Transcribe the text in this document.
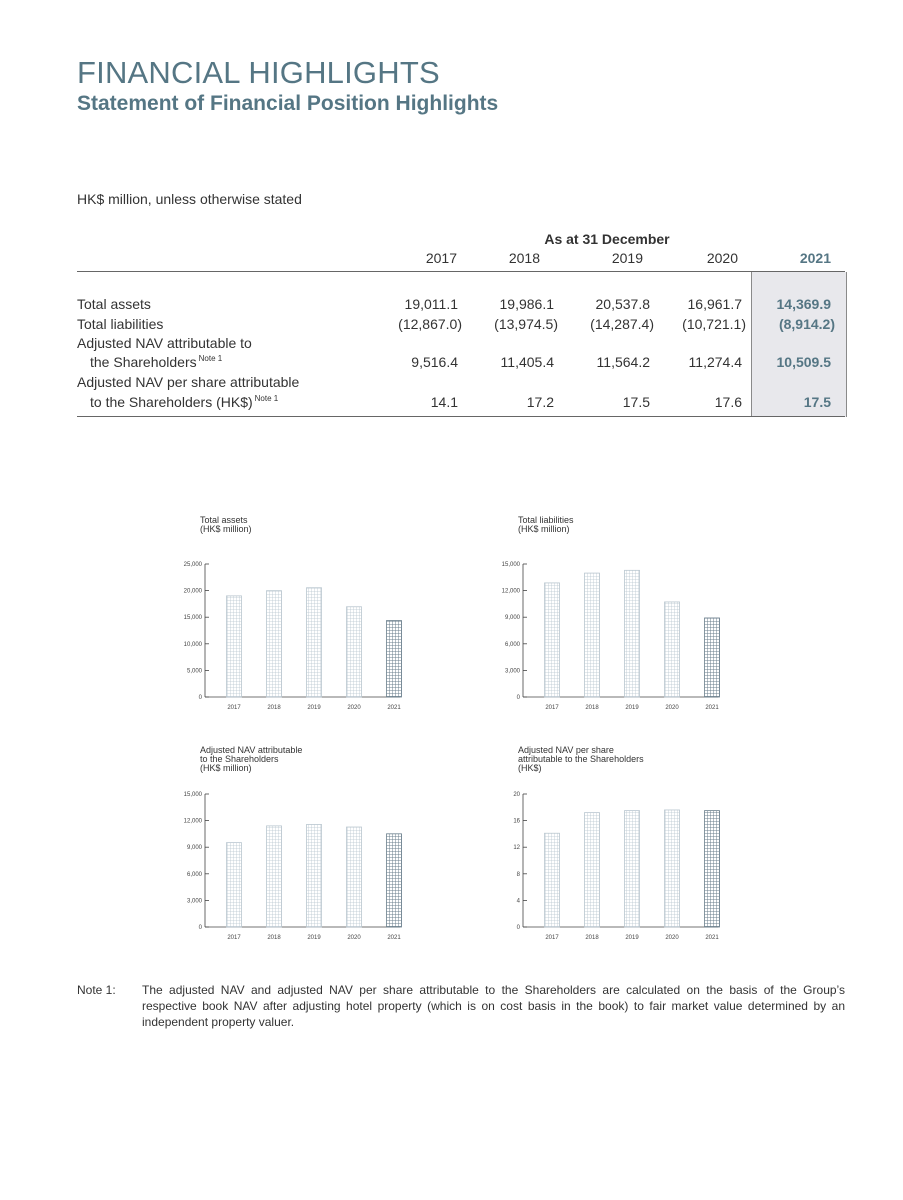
FINANCIAL HIGHLIGHTS
Statement of Financial Position Highlights
HK$ million, unless otherwise stated
As at 31 December
2017	2018	2019	2020	2021
Total assets	19,011.1	19,986.1	20,537.8	16,961.7	14,369.9
Total liabilities	(12,867.0)	(13,974.5)	(14,287.4)	(10,721.1)	(8,914.2)
Adjusted NAV attributable to
the Shareholders $^{Note 1}$	9,516.4	11,405.4	11,564.2	11,274.4	10,509.5
Adjusted NAV per share attributable
to the Shareholders (HK$) $^{Note 1}$	14.1	17.2	17.5	17.6	17.5
Total assets
(HK$ million)
0
5,000
10,000
15,000
20,000
25,000
2017	2018	2019	2020	2021
Total liabilities
(HK$ million)
0
3,000
6,000
9,000
12,000
15,000
2017	2018	2019	2020	2021
Adjusted NAV attributable
to the Shareholders
(HK$ million)
0
3,000
6,000
9,000
12,000
15,000
2017	2018	2019	2020	2021
Adjusted NAV per share
attributable to the Shareholders
(HK$)
0
4
8
12
16
20
2017	2018	2019	2020	2021
Note 1: The adjusted NAV and adjusted NAV per share attributable to the Shareholders are calculated on the basis of the Group’s respective book NAV after adjusting hotel property (which is on cost basis in the book) to fair market value determined by an independent property valuer.
